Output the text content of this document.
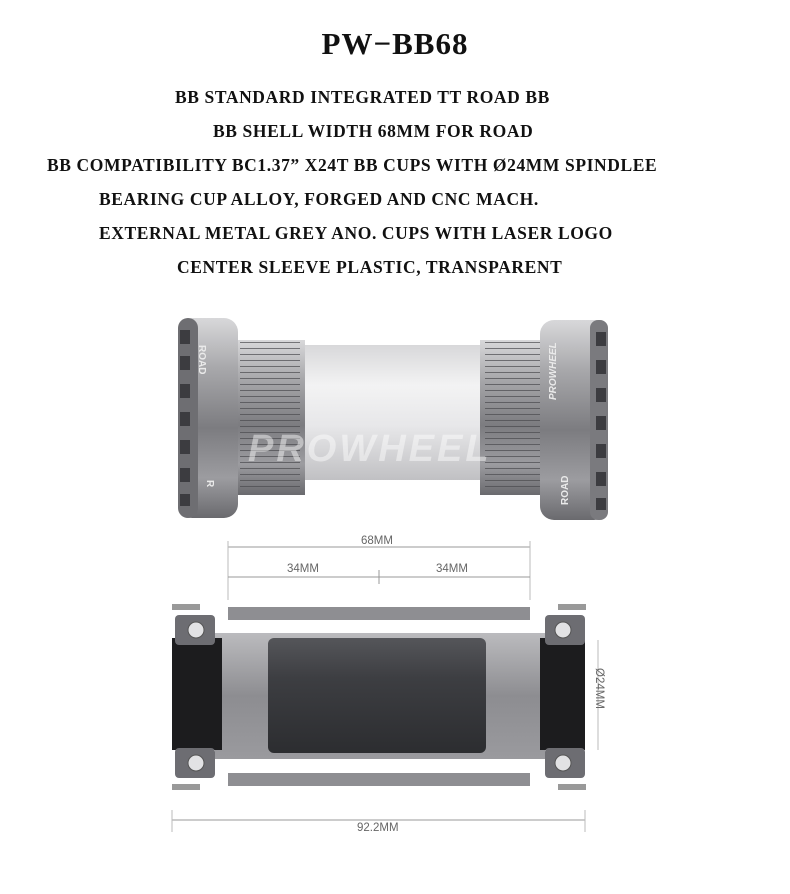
PW−BB68
BB STANDARD INTEGRATED TT ROAD BB
BB SHELL WIDTH 68MM FOR ROAD
BB COMPATIBILITY BC1.37” X24T BB CUPS WITH Ø24MM SPINDLEE
BEARING CUP ALLOY, FORGED AND CNC MACH.
EXTERNAL METAL GREY ANO. CUPS WITH LASER LOGO
CENTER SLEEVE PLASTIC, TRANSPARENT
ROAD
R
PROWHEEL
ROAD
PROWHEEL
68MM
34MM	34MM
Ø24MM
92.2MM
